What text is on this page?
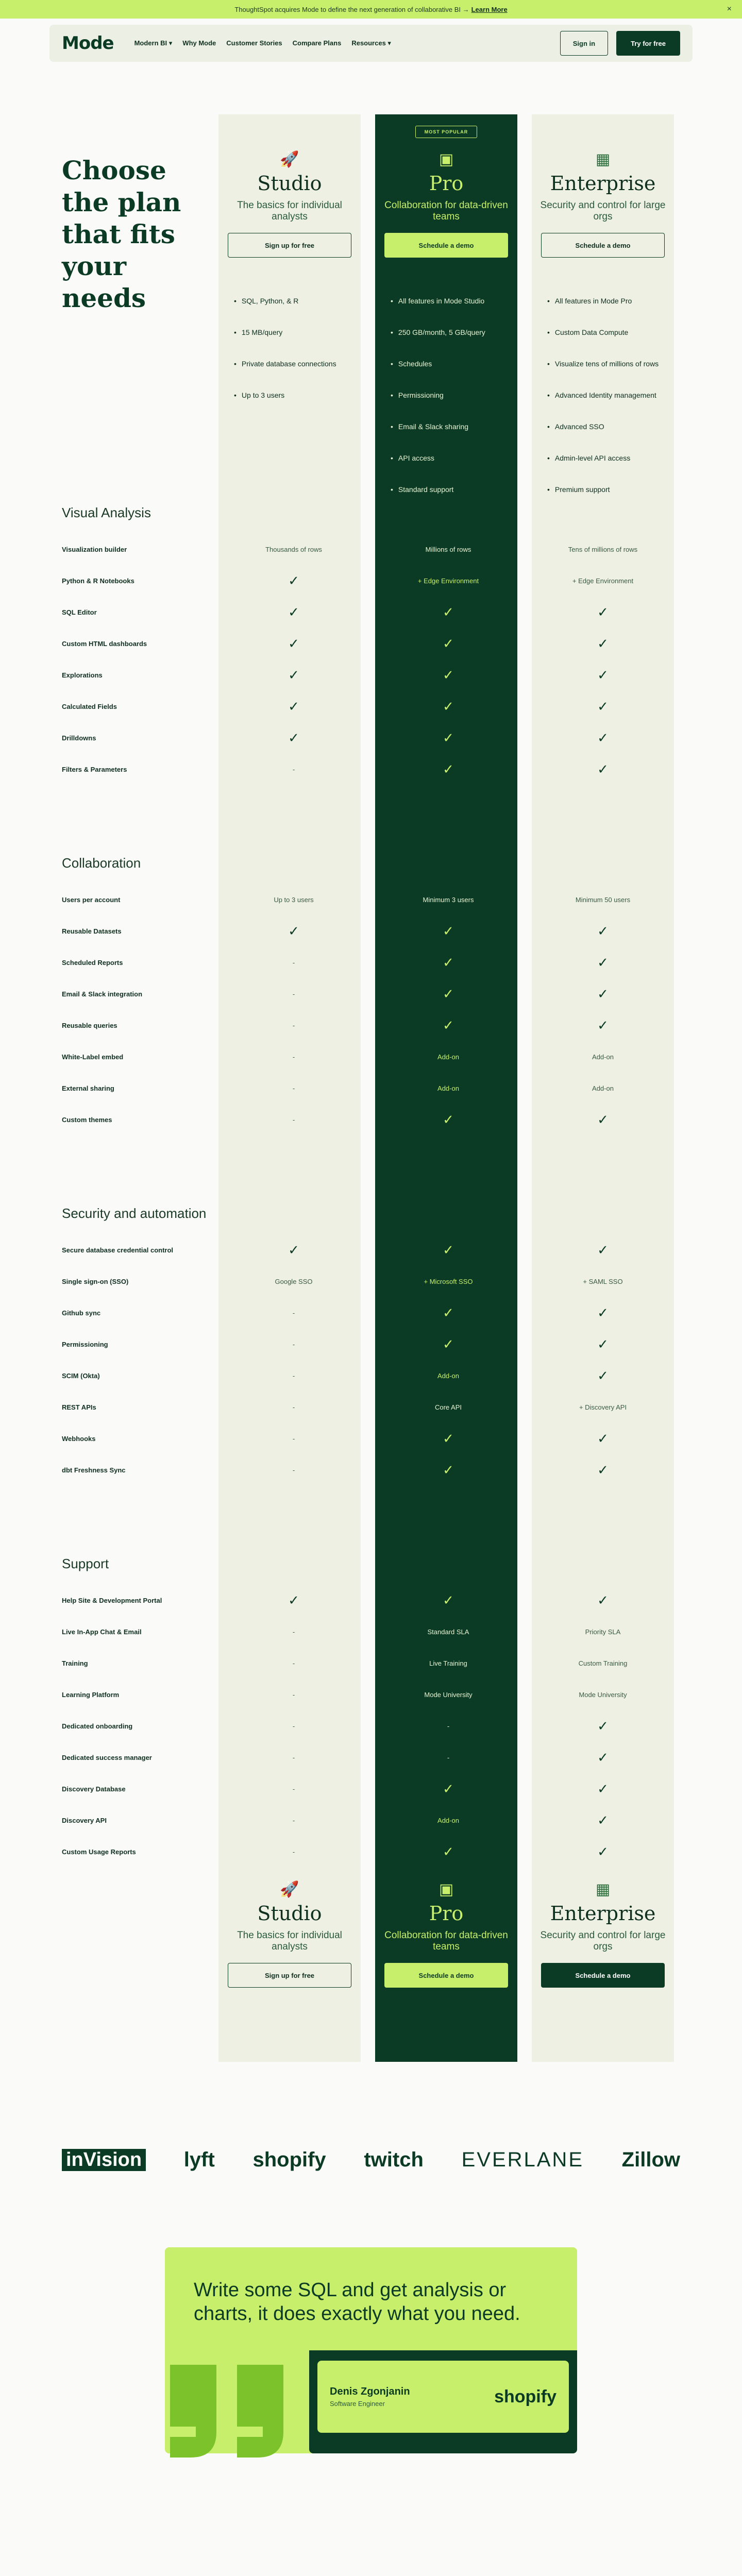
ThoughtSpot acquires Mode to define the next generation of collaborative BI → Learn More	×
Mode	Modern BI ▾ Why Mode Customer Stories Compare Plans Resources ▾	Sign in	Try for free
Choose the plan that fits your needs
🚀
Studio
The basics for individual analysts
Sign up for free
MOST POPULAR
▣
Pro
Collaboration for data-driven teams
Schedule a demo
▦
Enterprise
Security and control for large orgs
Schedule a demo
• SQL, Python, & R
• 15 MB/query
• Private database connections
• Up to 3 users
• All features in Mode Studio
• 250 GB/month, 5 GB/query
• Schedules
• Permissioning
• Email & Slack sharing
• API access
• Standard support
• All features in Mode Pro
• Custom Data Compute
• Visualize tens of millions of rows
• Advanced Identity management
• Advanced SSO
• Admin-level API access
• Premium support
Visual Analysis
Visualization builder	Thousands of rows	Millions of rows	Tens of millions of rows
Python & R Notebooks	✓	+ Edge Environment	+ Edge Environment
SQL Editor	✓	✓	✓
Custom HTML dashboards	✓	✓	✓
Explorations	✓	✓	✓
Calculated Fields	✓	✓	✓
Drilldowns	✓	✓	✓
Filters & Parameters	-	✓	✓
Collaboration
Users per account	Up to 3 users	Minimum 3 users	Minimum 50 users
Reusable Datasets	✓	✓	✓
Scheduled Reports	-	✓	✓
Email & Slack integration	-	✓	✓
Reusable queries	-	✓	✓
White-Label embed	-	Add-on	Add-on
External sharing	-	Add-on	Add-on
Custom themes	-	✓	✓
Security and automation
Secure database credential control	✓	✓	✓
Single sign-on (SSO)	Google SSO	+ Microsoft SSO	+ SAML SSO
Github sync	-	✓	✓
Permissioning	-	✓	✓
SCIM (Okta)	-	Add-on	✓
REST APIs	-	Core API	+ Discovery API
Webhooks	-	✓	✓
dbt Freshness Sync	-	✓	✓
Support
Help Site & Development Portal	✓	✓	✓
Live In-App Chat & Email	-	Standard SLA	Priority SLA
Training	-	Live Training	Custom Training
Learning Platform	-	Mode University	Mode University
Dedicated onboarding	-	-	✓
Dedicated success manager	-	-	✓
Discovery Database	-	✓	✓
Discovery API	-	Add-on	✓
Custom Usage Reports	-	✓	✓
🚀
Studio
The basics for individual analysts
Sign up for free
▣
Pro
Collaboration for data-driven teams
Schedule a demo
▦
Enterprise
Security and control for large orgs
Schedule a demo
inVision lyft shopify twitch EVERLANE Zillow
Write some SQL and get analysis or charts, it does exactly what you need.
Denis Zgonjanin
Software Engineer	shopify
